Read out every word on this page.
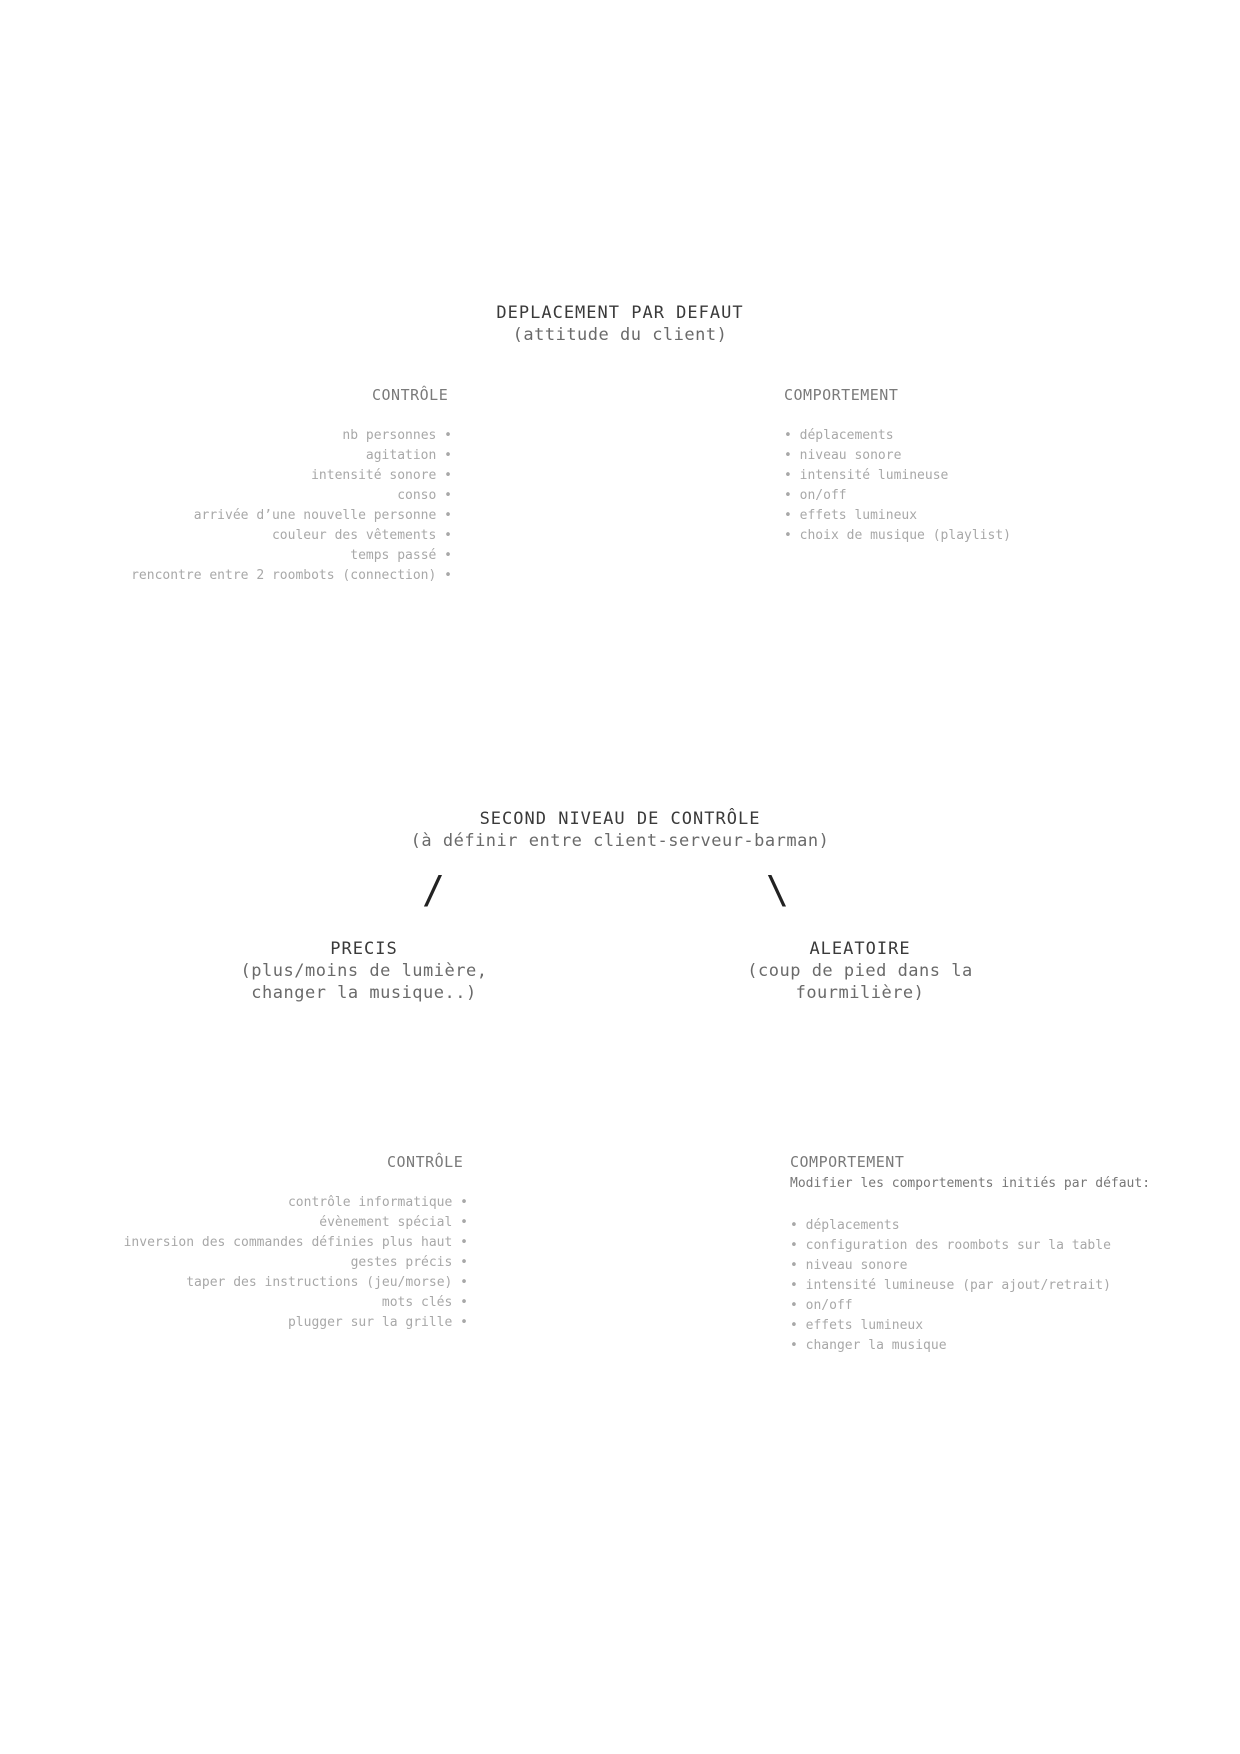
DEPLACEMENT PAR DEFAUT
(attitude du client)
CONTRÔLE
nb personnes •
agitation •
intensité sonore •
conso •
arrivée d’une nouvelle personne •
couleur des vêtements •
temps passé •
rencontre entre 2 roombots (connection) •
COMPORTEMENT
• déplacements
• niveau sonore
• intensité lumineuse
• on/off
• effets lumineux
• choix de musique (playlist)
SECOND NIVEAU DE CONTRÔLE
(à définir entre client-serveur-barman)
/	\
PRECIS
(plus/moins de lumière,
changer la musique..)
ALEATOIRE
(coup de pied dans la fourmilière)
CONTRÔLE
contrôle informatique •
évènement spécial •
inversion des commandes définies plus haut •
gestes précis •
taper des instructions (jeu/morse) •
mots clés •
plugger sur la grille •
COMPORTEMENT
Modifier les comportements initiés par défaut:
• déplacements
• configuration des roombots sur la table
• niveau sonore
• intensité lumineuse (par ajout/retrait)
• on/off
• effets lumineux
• changer la musique
